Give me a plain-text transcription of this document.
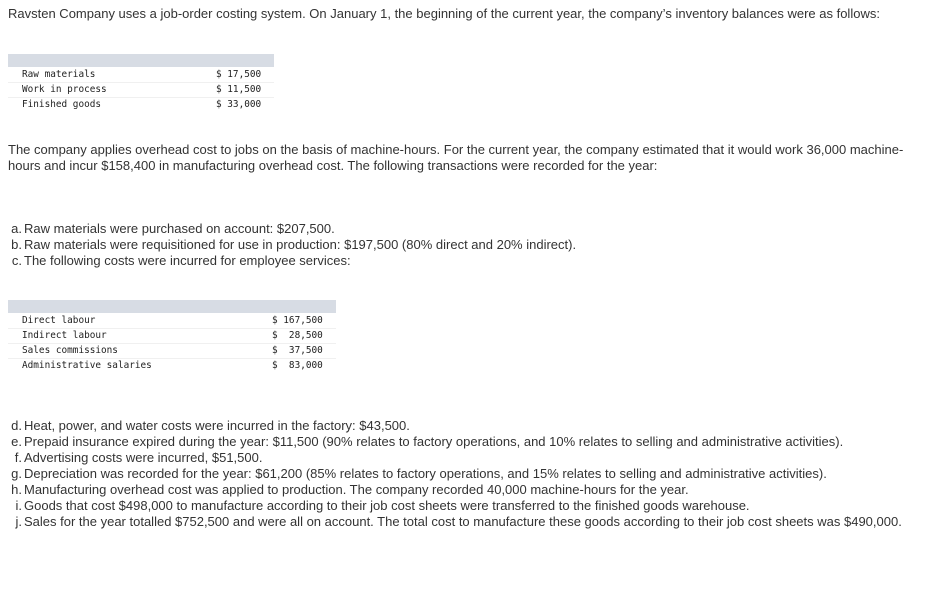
Ravsten Company uses a job-order costing system. On January 1, the beginning of the current year, the company’s inventory balances were as follows:

Raw materials	$ 17,500
Work in process	$ 11,500
Finished goods	$ 33,000

The company applies overhead cost to jobs on the basis of machine-hours. For the current year, the company estimated that it would work 36,000 machine-hours and incur $158,400 in manufacturing overhead cost. The following transactions were recorded for the year:

a. Raw materials were purchased on account: $207,500.
b. Raw materials were requisitioned for use in production: $197,500 (80% direct and 20% indirect).
c. The following costs were incurred for employee services:
Direct labour	$ 167,500
Indirect labour	$  28,500
Sales commissions	$  37,500
Administrative salaries	$  83,000
d. Heat, power, and water costs were incurred in the factory: $43,500.
e. Prepaid insurance expired during the year: $11,500 (90% relates to factory operations, and 10% relates to selling and administrative activities).
f. Advertising costs were incurred, $51,500.
g. Depreciation was recorded for the year: $61,200 (85% relates to factory operations, and 15% relates to selling and administrative activities).
h. Manufacturing overhead cost was applied to production. The company recorded 40,000 machine-hours for the year.
i. Goods that cost $498,000 to manufacture according to their job cost sheets were transferred to the finished goods warehouse.
j. Sales for the year totalled $752,500 and were all on account. The total cost to manufacture these goods according to their job cost sheets was $490,000.
